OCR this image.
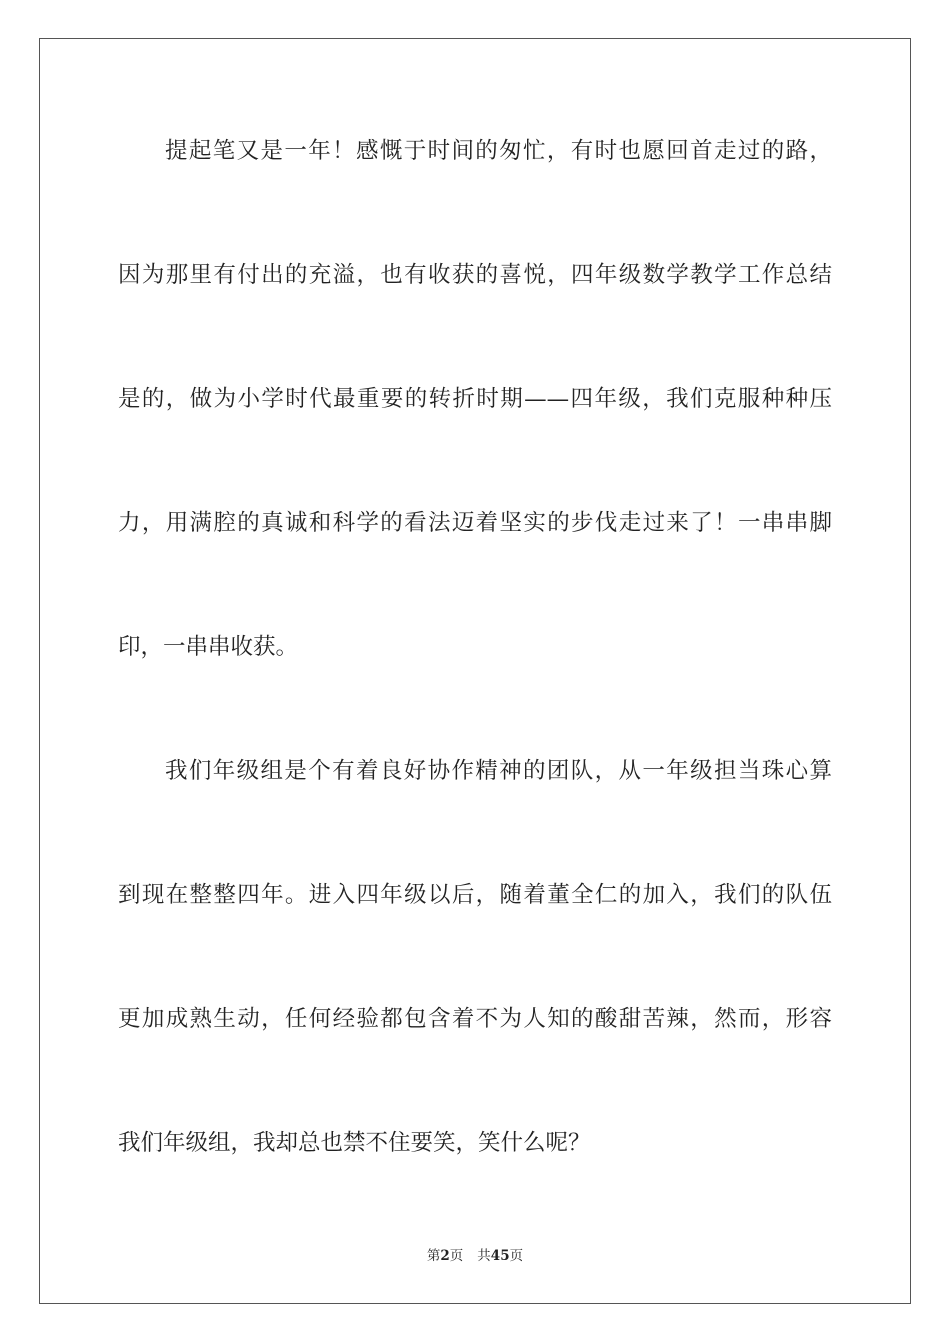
提起笔又是一年！感慨于时间的匆忙，有时也愿回首走过的路，
因为那里有付出的充溢，也有收获的喜悦，四年级数学教学工作总结
是的，做为小学时代最重要的转折时期——四年级，我们克服种种压
力，用满腔的真诚和科学的看法迈着坚实的步伐走过来了！一串串脚
印，一串串收获。
我们年级组是个有着良好协作精神的团队，从一年级担当珠心算
到现在整整四年。进入四年级以后，随着董全仁的加入，我们的队伍
更加成熟生动，任何经验都包含着不为人知的酸甜苦辣，然而，形容
我们年级组，我却总也禁不住要笑，笑什么呢？
第2页 共45页
